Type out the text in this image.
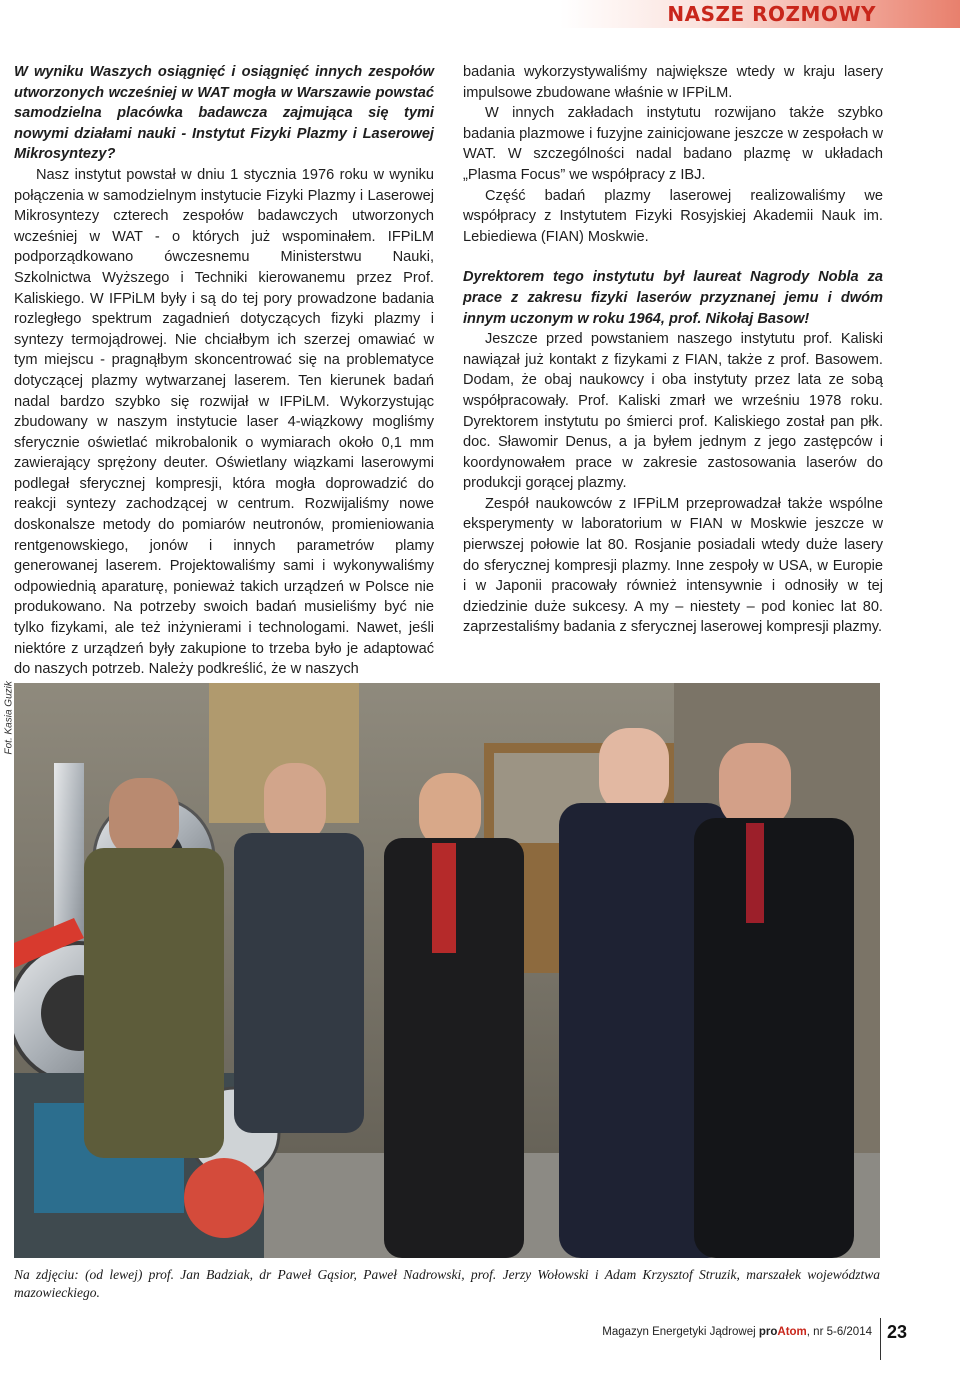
NASZE ROZMOWY

W wyniku Waszych osiągnięć i osiągnięć innych zespołów utworzonych wcześniej w WAT mogła w Warszawie powstać samodzielna placówka badawcza zajmująca się tymi nowymi działami nauki - Instytut Fizyki Plazmy i Laserowej Mikrosyntezy?

Nasz instytut powstał w dniu 1 stycznia 1976 roku w wyniku połączenia w samodzielnym instytucie Fizyki Plazmy i Laserowej Mikrosyntezy czterech zespołów badawczych utworzonych wcześniej w WAT - o których już wspominałem. IFPiLM podporządkowano ówczesnemu Ministerstwu Nauki, Szkolnictwa Wyższego i Techniki kierowanemu przez Prof. Kaliskiego. W IFPiLM były i są do tej pory prowadzone badania rozległego spektrum zagadnień dotyczących fizyki plazmy i syntezy termojądrowej. Nie chciałbym ich szerzej omawiać w tym miejscu - pragnąłbym skoncentrować się na problematyce dotyczącej plazmy wytwarzanej laserem. Ten kierunek badań nadal bardzo szybko się rozwijał w IFPiLM. Wykorzystując zbudowany w naszym instytucie laser 4-wiązkowy mogliśmy sferycznie oświetlać mikrobalonik o wymiarach około 0,1 mm zawierający sprężony deuter. Oświetlany wiązkami laserowymi podlegał sferycznej kompresji, która mogła doprowadzić do reakcji syntezy zachodzącej w centrum. Rozwijaliśmy nowe doskonalsze metody do pomiarów neutronów, promieniowania rentgenowskiego, jonów i innych parametrów plamy generowanej laserem. Projektowaliśmy sami i wykonywaliśmy odpowiednią aparaturę, ponieważ takich urządzeń w Polsce nie produkowano. Na potrzeby swoich badań musieliśmy być nie tylko fizykami, ale też inżynierami i technologami. Nawet, jeśli niektóre z urządzeń były zakupione to trzeba było je adaptować do naszych potrzeb. Należy podkreślić, że w naszych

badania wykorzystywaliśmy największe wtedy w kraju lasery impulsowe zbudowane właśnie w IFPiLM.

W innych zakładach instytutu rozwijano także szybko badania plazmowe i fuzyjne zainicjowane jeszcze w zespołach w WAT. W szczególności nadal badano plazmę w układach „Plasma Focus” we współpracy z IBJ.

Część badań plazmy laserowej realizowaliśmy we współpracy z Instytutem Fizyki Rosyjskiej Akademii Nauk im. Lebiediewa (FIAN) Moskwie.

Dyrektorem tego instytutu był laureat Nagrody Nobla za prace z zakresu fizyki laserów przyznanej jemu i dwóm innym uczonym w roku 1964, prof. Nikołaj Basow!

Jeszcze przed powstaniem naszego instytutu prof. Kaliski nawiązał już kontakt z fizykami z FIAN, także z prof. Basowem. Dodam, że obaj naukowcy i oba instytuty przez lata ze sobą współpracowały. Prof. Kaliski zmarł we wrześniu 1978 roku. Dyrektorem instytutu po śmierci prof. Kaliskiego został pan płk. doc. Sławomir Denus, a ja byłem jednym z jego zastępców i koordynowałem prace w zakresie zastosowania laserów do produkcji gorącej plazmy.

Zespół naukowców z IFPiLM przeprowadzał także wspólne eksperymenty w laboratorium w FIAN w Moskwie jeszcze w pierwszej połowie lat 80. Rosjanie posiadali wtedy duże lasery do sferycznej kompresji plazmy. Inne zespoły w USA, w Europie i w Japonii pracowały również intensywnie i odnosiły w tej dziedzinie duże sukcesy. A my – niestety – pod koniec lat 80. zaprzestaliśmy badania z sferycznej laserowej kompresji plazmy.

Fot. Kasia Guzik
Na zdjęciu: (od lewej) prof. Jan Badziak, dr Paweł Gąsior, Paweł Nadrowski, prof. Jerzy Wołowski i Adam Krzysztof Struzik, marszałek województwa mazowieckiego.
Magazyn Energetyki Jądrowej proAtom, nr 5-6/2014 23
